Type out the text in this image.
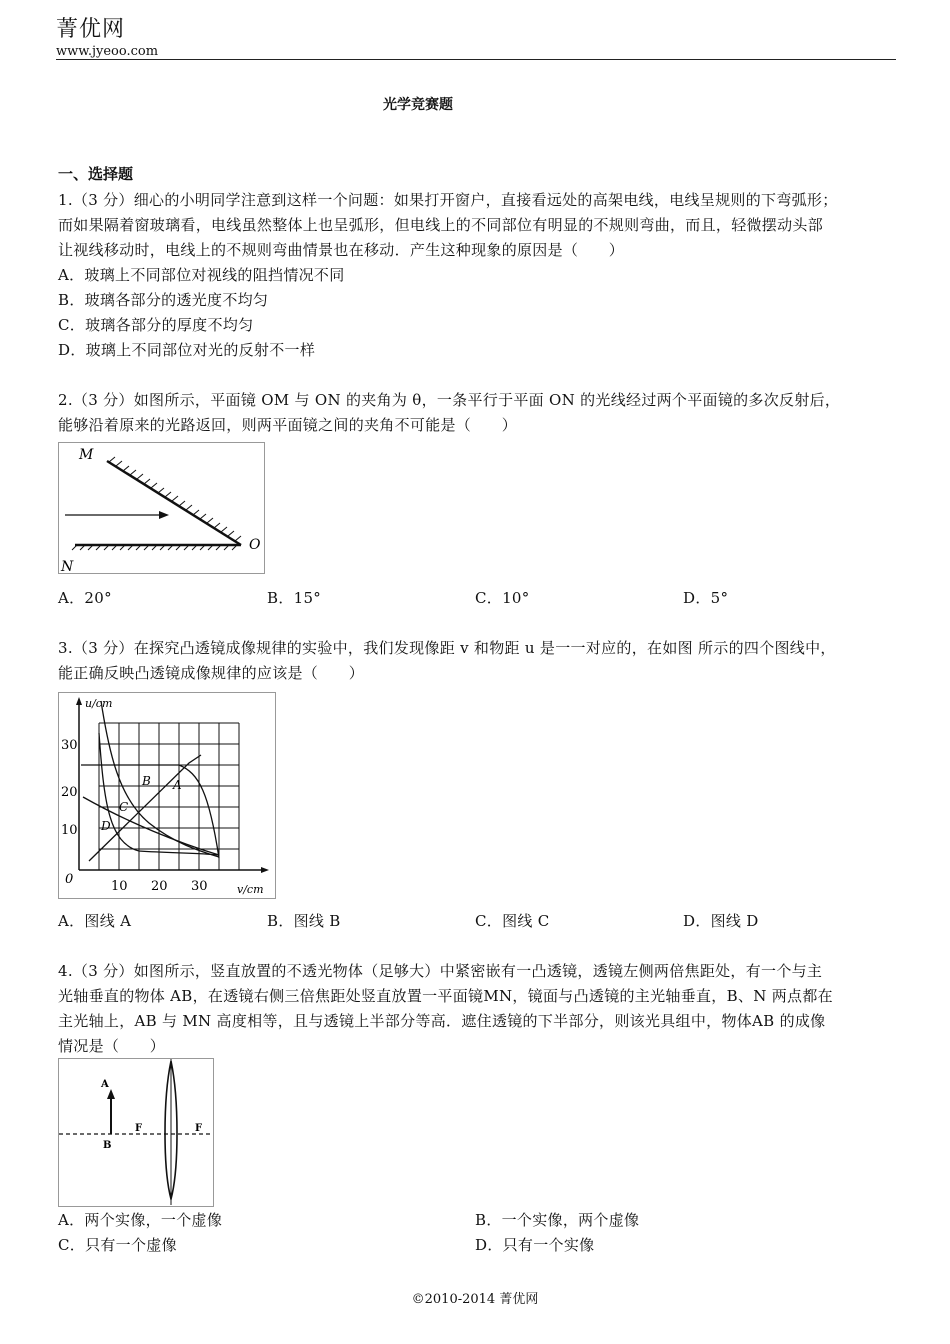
菁优网
www.jyeoo.com
光学竞赛题
一、选择题
1.（3 分）细心的小明同学注意到这样一个问题：如果打开窗户，直接看远处的高架电线，电线呈规则的下弯弧形；
而如果隔着窗玻璃看，电线虽然整体上也呈弧形，但电线上的不同部位有明显的不规则弯曲，而且，轻微摆动头部
让视线移动时，电线上的不规则弯曲情景也在移动．产生这种现象的原因是（　　）
A．玻璃上不同部位对视线的阻挡情况不同
B．玻璃各部分的透光度不均匀
C．玻璃各部分的厚度不均匀
D．玻璃上不同部位对光的反射不一样
2.（3 分）如图所示，平面镜 OM 与 ON 的夹角为 θ，一条平行于平面 ON 的光线经过两个平面镜的多次反射后，
能够沿着原来的光路返回，则两平面镜之间的夹角不可能是（　　）
M
N
O
A．20°	B．15°	C．10°	D．5°
3.（3 分）在探究凸透镜成像规律的实验中，我们发现像距 v 和物距 u 是一一对应的，在如图 所示的四个图线中，
能正确反映凸透镜成像规律的应该是（　　）
u/cm
v/cm
30
20
10
0	10 20 30
A
B
C
D
A．图线 A	B．图线 B	C．图线 C	D．图线 D
4.（3 分）如图所示，竖直放置的不透光物体（足够大）中紧密嵌有一凸透镜，透镜左侧两倍焦距处，有一个与主
光轴垂直的物体 AB，在透镜右侧三倍焦距处竖直放置一平面镜MN，镜面与凸透镜的主光轴垂直，B、N 两点都在
主光轴上，AB 与 MN 高度相等，且与透镜上半部分等高．遮住透镜的下半部分，则该光具组中，物体AB 的成像
情况是（　　）
A
B
F	F
A．两个实像，一个虚像	B．一个实像，两个虚像
C．只有一个虚像	D．只有一个实像
©2010-2014 菁优网
